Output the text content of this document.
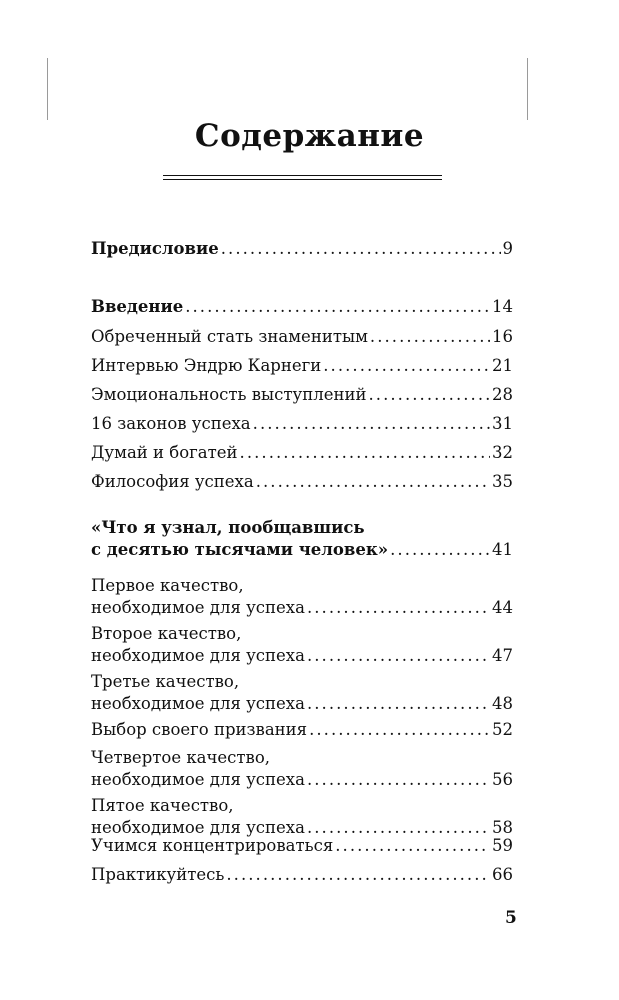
Содержание
Предисловие . . .	9
Введение . . .	14
Обреченный стать знаменитым . . .	16
Интервью Эндрю Карнеги . . .	21
Эмоциональность выступлений . . .	28
16 законов успеха . . .	31
Думай и богатей . . .	32
Философия успеха . . .	35
«Что я узнал, пообщавшись
с десятью тысячами человек» . . .	41
Первое качество,
необходимое для успеха . . .	44
Второе качество,
необходимое для успеха . . .	47
Третье качество,
необходимое для успеха . . .	48
Выбор своего призвания . . .	52
Четвертое качество,
необходимое для успеха . . .	56
Пятое качество,
необходимое для успеха . . .	58
Учимся концентрироваться . . .	59
Практикуйтесь . . .	66
5
